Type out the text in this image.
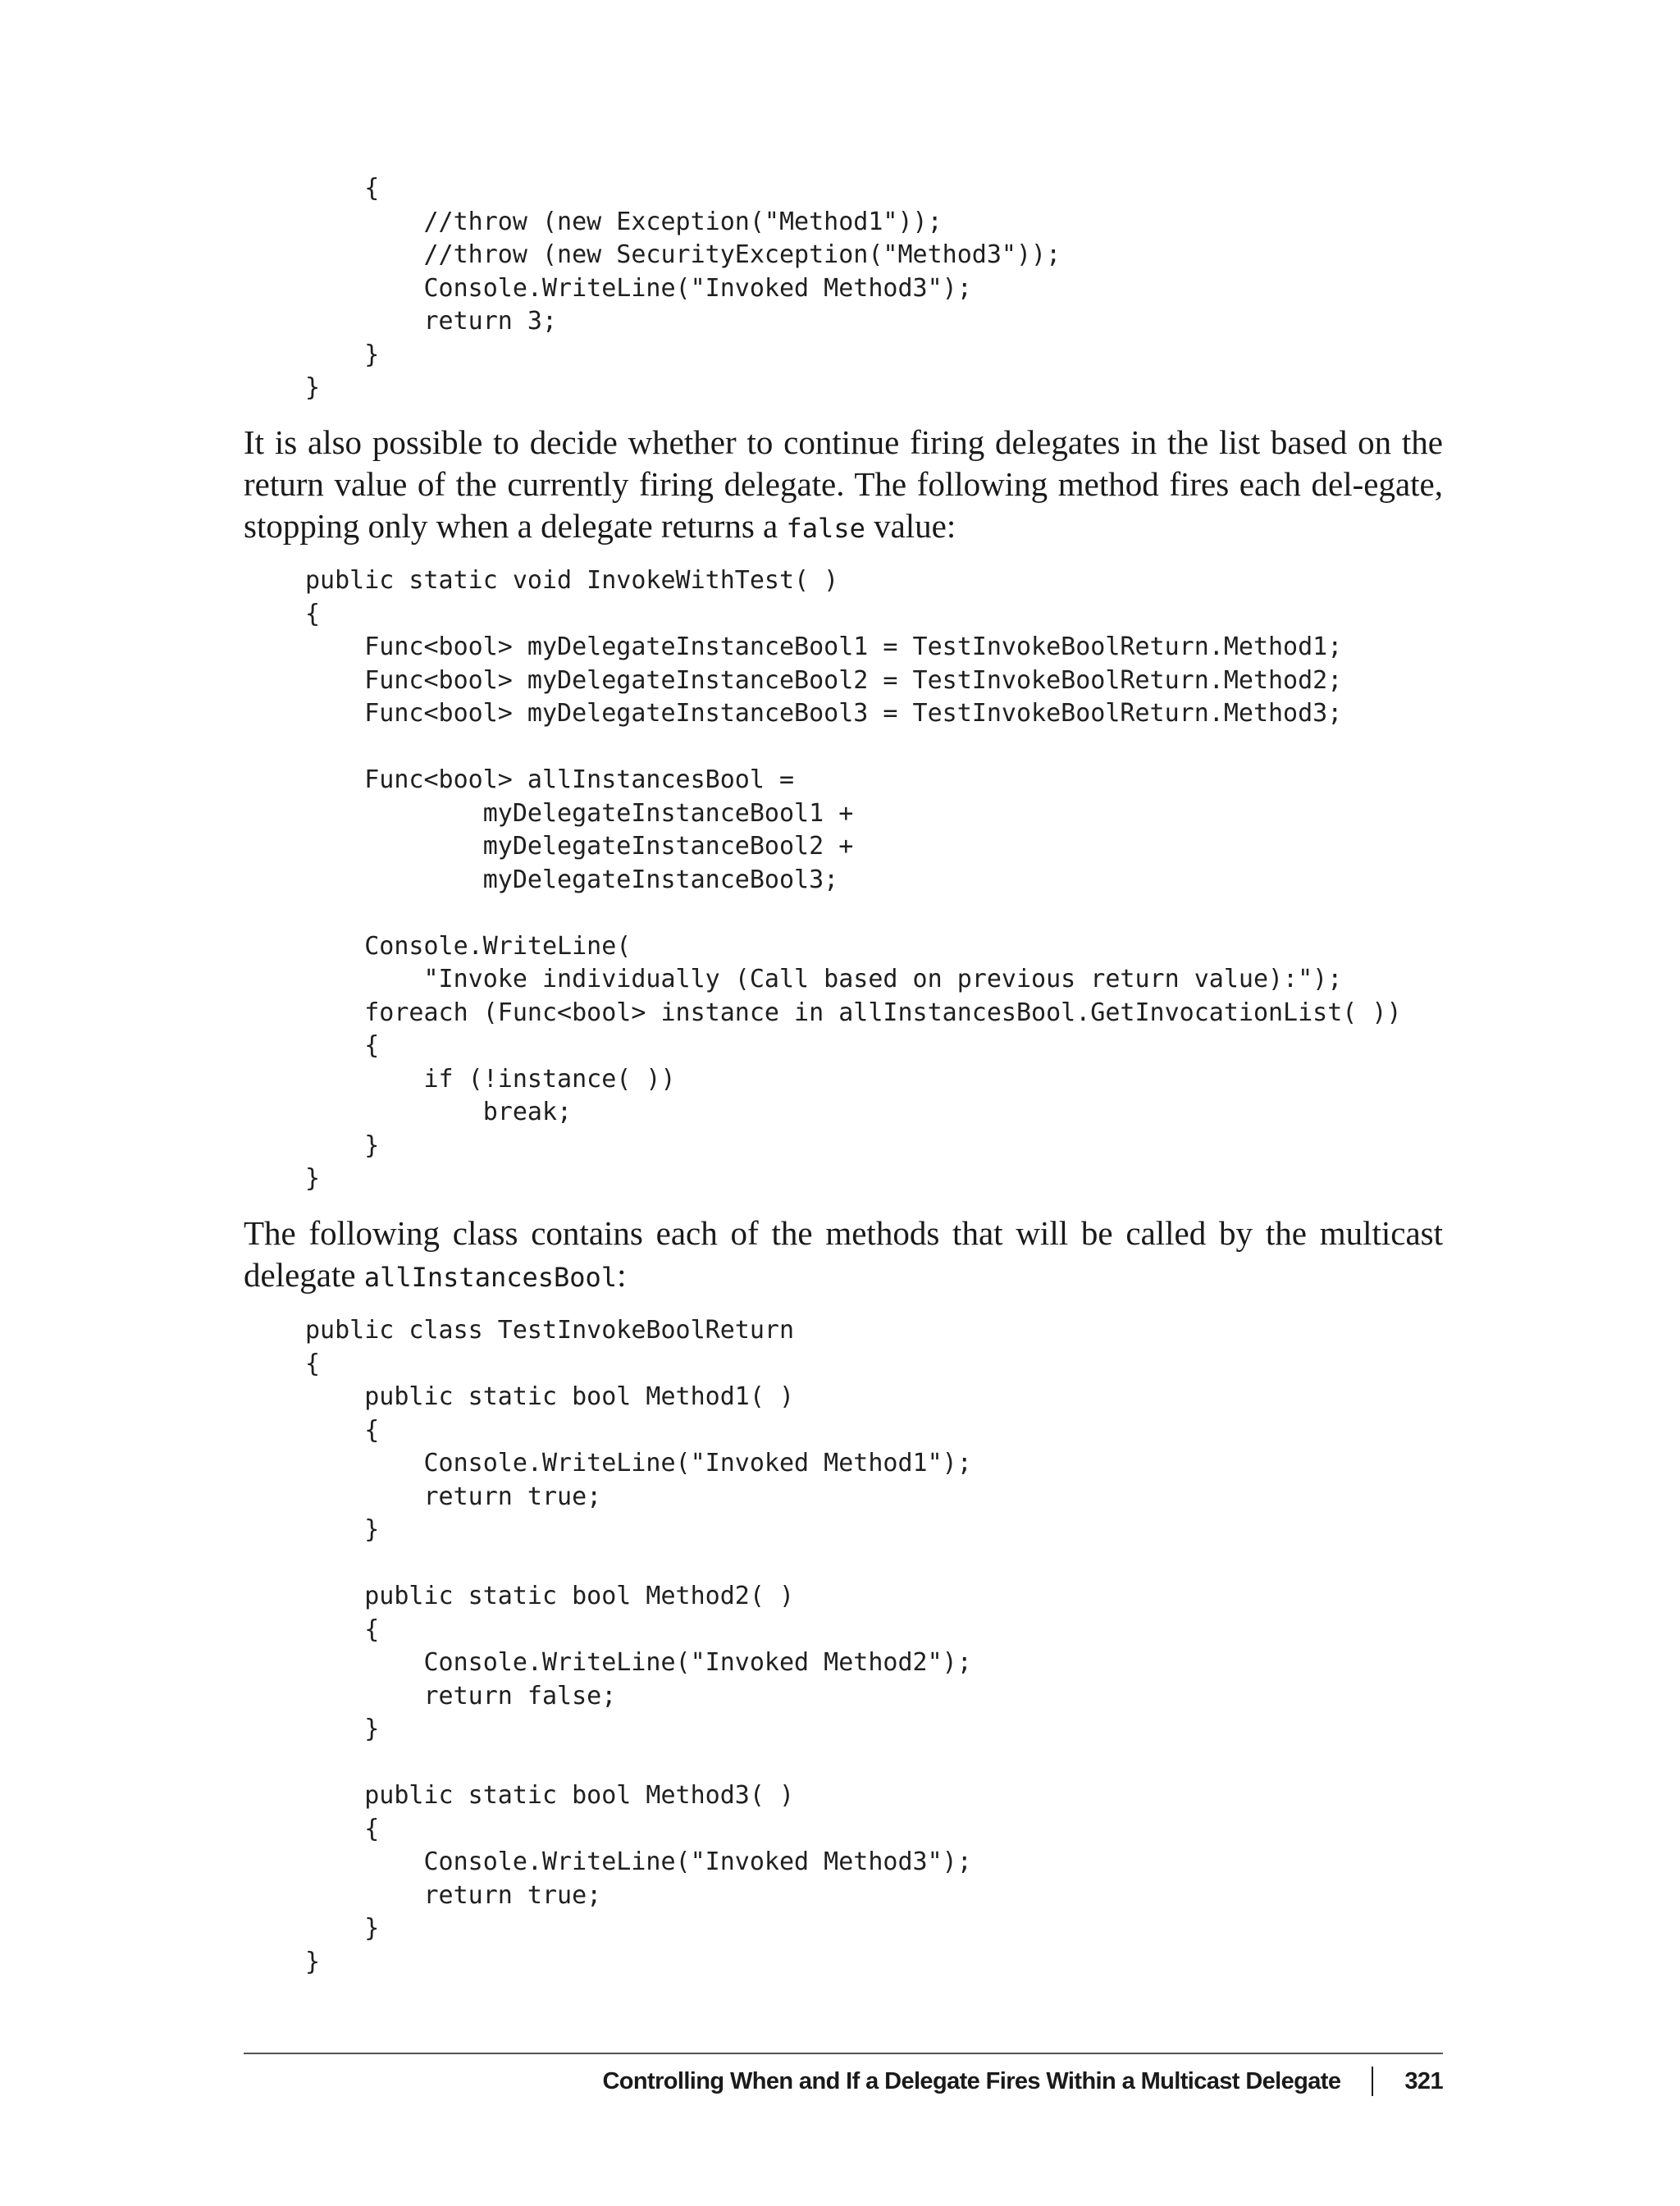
{
//throw (new Exception("Method1"));
//throw (new SecurityException("Method3"));
Console.WriteLine("Invoked Method3");
return 3;
}
}

It is also possible to decide whether to continue firing delegates in the list based on the return value of the currently firing delegate. The following method fires each del-egate, stopping only when a delegate returns a false value:

public static void InvokeWithTest( )
{
Func<bool> myDelegateInstanceBool1 = TestInvokeBoolReturn.Method1;
Func<bool> myDelegateInstanceBool2 = TestInvokeBoolReturn.Method2;
Func<bool> myDelegateInstanceBool3 = TestInvokeBoolReturn.Method3;

Func<bool> allInstancesBool =
myDelegateInstanceBool1 +
myDelegateInstanceBool2 +
myDelegateInstanceBool3;

Console.WriteLine(
"Invoke individually (Call based on previous return value):");
foreach (Func<bool> instance in allInstancesBool.GetInvocationList( ))
{
if (!instance( ))
break;
}
}

The following class contains each of the methods that will be called by the multicast delegate allInstancesBool:

public class TestInvokeBoolReturn
{
public static bool Method1( )
{
Console.WriteLine("Invoked Method1");
return true;
}

public static bool Method2( )
{
Console.WriteLine("Invoked Method2");
return false;
}

public static bool Method3( )
{
Console.WriteLine("Invoked Method3");
return true;
}
}
Controlling When and If a Delegate Fires Within a Multicast Delegate	321
